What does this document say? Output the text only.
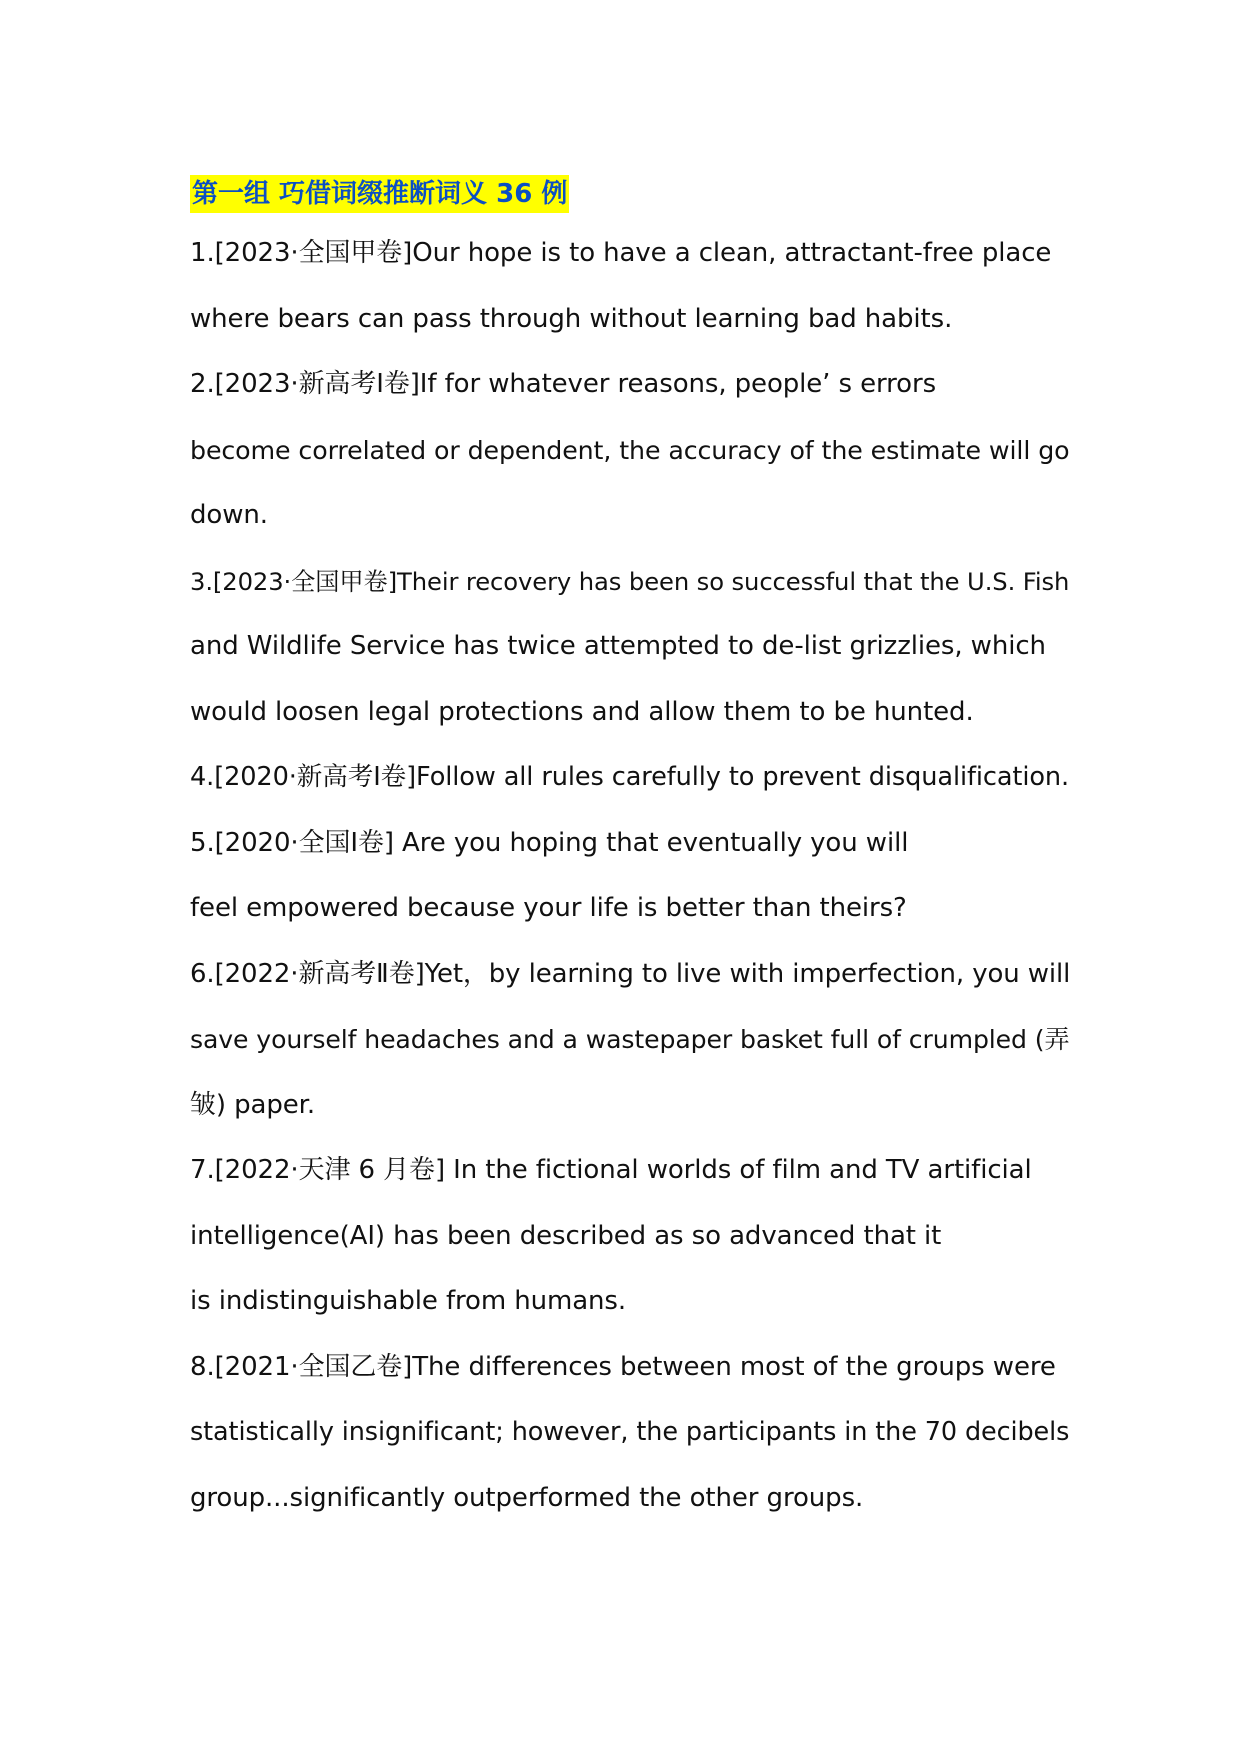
第一组 巧借词缀推断词义 36 例
1.[2023·全国甲卷]Our hope is to have a clean, attractant-free place
where bears can pass through without learning bad habits.
2.[2023·新高考Ⅰ卷]If for whatever reasons, people’ s errors
become correlated or dependent, the accuracy of the estimate will go
down.
3.[2023·全国甲卷]Their recovery has been so successful that the U.S. Fish
and Wildlife Service has twice attempted to de-list grizzlies, which
would loosen legal protections and allow them to be hunted.
4.[2020·新高考Ⅰ卷]Follow all rules carefully to prevent disqualification.
5.[2020·全国Ⅰ卷] Are you hoping that eventually you will
feel empowered because your life is better than theirs?
6.[2022·新高考Ⅱ卷]Yet，by learning to live with imperfection, you will
save yourself headaches and a wastepaper basket full of crumpled (弄
皱) paper.
7.[2022·天津 6 月卷] In the fictional worlds of film and TV artificial
intelligence(AI) has been described as so advanced that it
is indistinguishable from humans.
8.[2021·全国乙卷]The differences between most of the groups were
statistically insignificant; however, the participants in the 70 decibels
group...significantly outperformed the other groups.
